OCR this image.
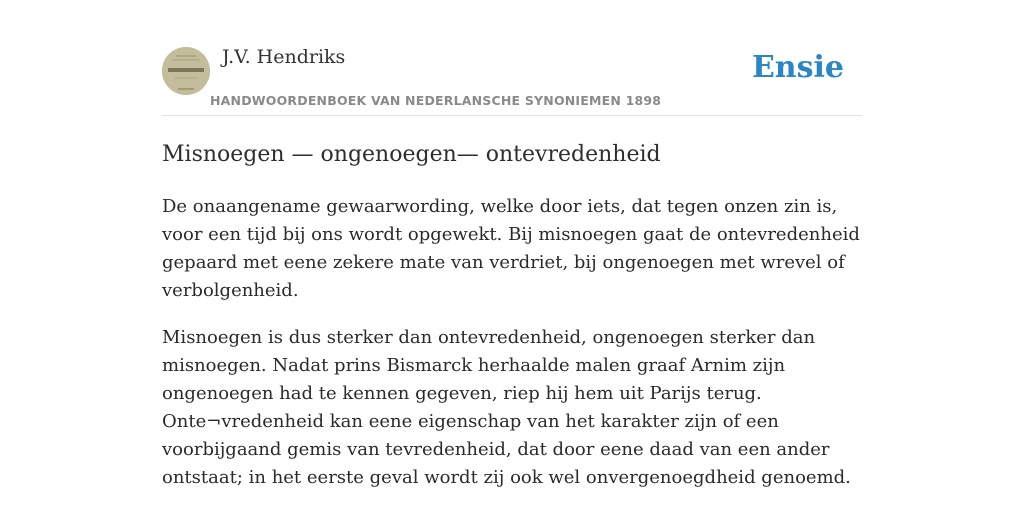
J.V. Hendriks
HANDWOORDENBOEK VAN NEDERLANSCHE SYNONIEMEN 1898
Ensie
Misnoegen — ongenoegen— ontevredenheid

De onaangename gewaarwording, welke door iets, dat tegen onzen zin is, voor een tijd bij ons wordt opgewekt. Bij misnoegen gaat de ontevredenheid gepaard met eene zekere mate van verdriet, bij ongenoegen met wrevel of verbolgenheid.

Misnoegen is dus sterker dan ontevredenheid, ongenoegen sterker dan misnoegen. Nadat prins Bismarck herhaalde malen graaf Arnim zijn ongenoegen had te kennen gegeven, riep hij hem uit Parijs terug. Onte¬vredenheid kan eene eigenschap van het karakter zijn of een voorbijgaand gemis van tevredenheid, dat door eene daad van een ander ontstaat; in het eerste geval wordt zij ook wel onvergenoegdheid genoemd.
